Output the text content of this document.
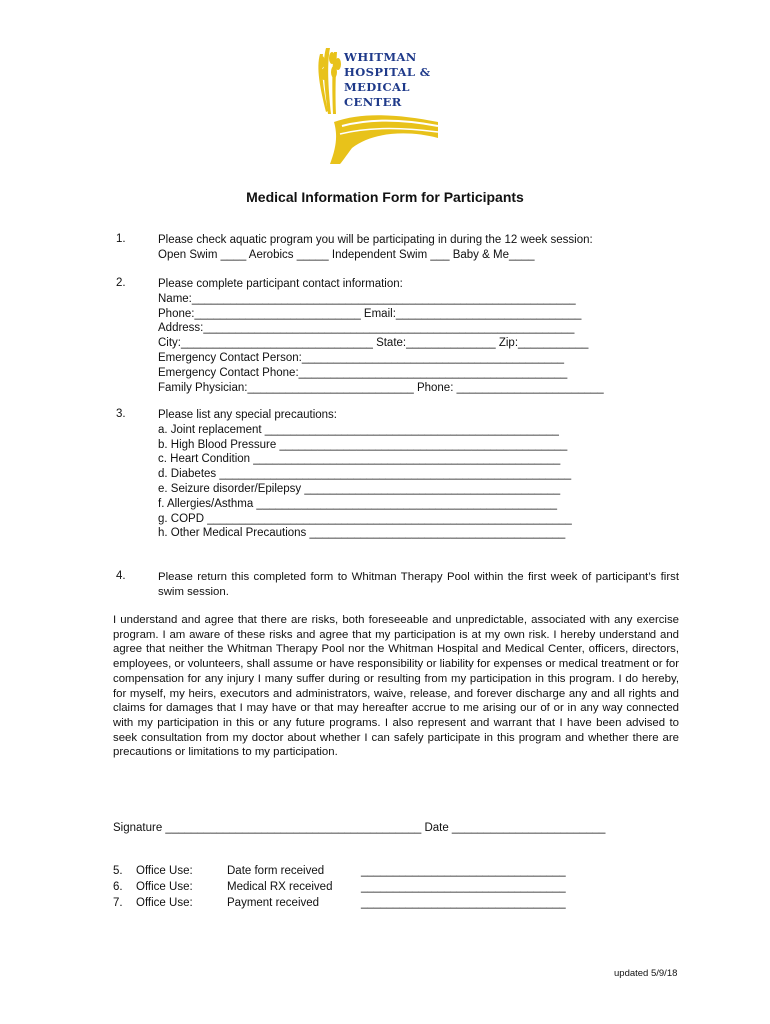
WHITMAN
HOSPITAL &
MEDICAL
CENTER
Medical Information Form for Participants
1.	Please check aquatic program you will be participating in during the 12 week session:
Open Swim ____ Aerobics _____ Independent Swim ___ Baby & Me____
2.	Please complete participant contact information:
Name:____________________________________________________________
Phone:__________________________ Email:_____________________________
Address:__________________________________________________________
City:______________________________ State:______________ Zip:___________
Emergency Contact Person:_________________________________________
Emergency Contact Phone:__________________________________________
Family Physician:__________________________ Phone: _______________________
3.	Please list any special precautions:
a. Joint replacement ______________________________________________
b. High Blood Pressure _____________________________________________
c. Heart Condition ________________________________________________
d. Diabetes _______________________________________________________
e. Seizure disorder/Epilepsy ________________________________________
f. Allergies/Asthma _______________________________________________
g. COPD _________________________________________________________
h. Other Medical Precautions ________________________________________
4.	Please return this completed form to Whitman Therapy Pool within the first week of participant’s first swim session.
I understand and agree that there are risks, both foreseeable and unpredictable, associated with any exercise program. I am aware of these risks and agree that my participation is at my own risk. I hereby understand and agree that neither the Whitman Therapy Pool nor the Whitman Hospital and Medical Center, officers, directors, employees, or volunteers, shall assume or have responsibility or liability for expenses or medical treatment or for compensation for any injury I many suffer during or resulting from my participation in this program. I do hereby, for myself, my heirs, executors and administrators, waive, release, and forever discharge any and all rights and claims for damages that I may have or that may hereafter accrue to me arising our of or in any way connected with my participation in this or any future programs. I also represent and warrant that I have been advised to seek consultation from my doctor about whether I can safely participate in this program and whether there are precautions or limitations to my participation.
Signature ________________________________________ Date ________________________
5. Office Use:	Date form received	________________________________
6. Office Use:	Medical RX received ________________________________
7. Office Use:	Payment received	________________________________
updated 5/9/18
